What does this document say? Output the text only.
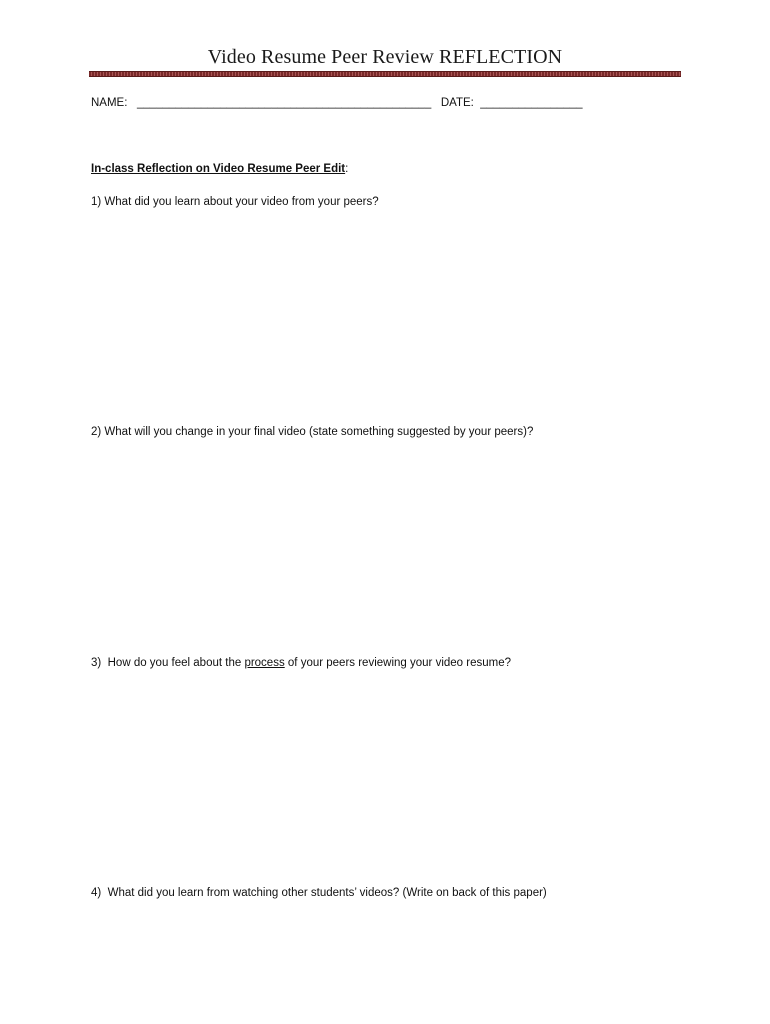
Video Resume Peer Review REFLECTION
NAME: ______________________________________________ DATE: ________________
In-class Reflection on Video Resume Peer Edit:
1) What did you learn about your video from your peers?
2) What will you change in your final video (state something suggested by your peers)?
3)  How do you feel about the process of your peers reviewing your video resume?
4)  What did you learn from watching other students’ videos? (Write on back of this paper)
